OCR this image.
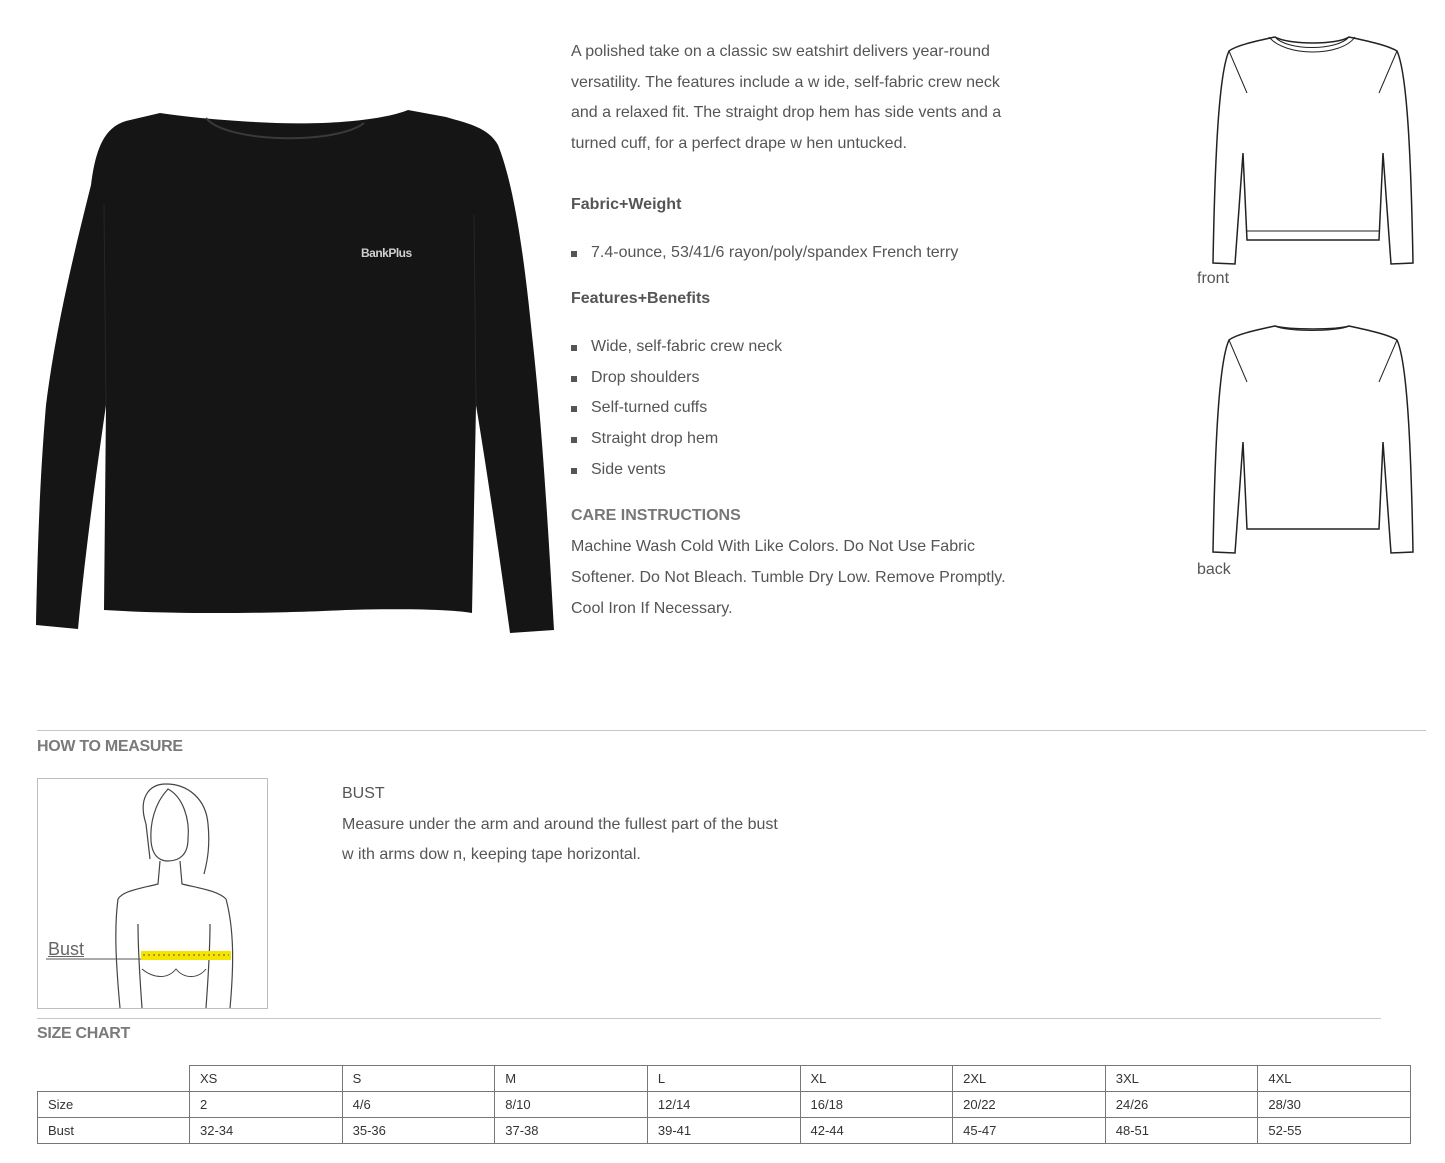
BankPlus
A polished take on a classic sw eatshirt delivers year-round
versatility. The features include a w ide, self-fabric crew neck
and a relaxed fit. The straight drop hem has side vents and a
turned cuff, for a perfect drape w hen untucked.
Fabric+Weight
7.4-ounce, 53/41/6 rayon/poly/spandex French terry
Features+Benefits
Wide, self-fabric crew neck
Drop shoulders
Self-turned cuffs
Straight drop hem
Side vents
CARE INSTRUCTIONS
Machine Wash Cold With Like Colors. Do Not Use Fabric
Softener. Do Not Bleach. Tumble Dry Low. Remove Promptly.
Cool Iron If Necessary.
front
back
HOW TO MEASURE
Bust
BUST
Measure under the arm and around the fullest part of the bust
w ith arms dow n, keeping tape horizontal.
SIZE CHART
	XS	S	M	L	XL	2XL	3XL	4XL
Size	2	4/6	8/10	12/14	16/18	20/22	24/26	28/30
Bust	32-34	35-36	37-38	39-41	42-44	45-47	48-51	52-55
